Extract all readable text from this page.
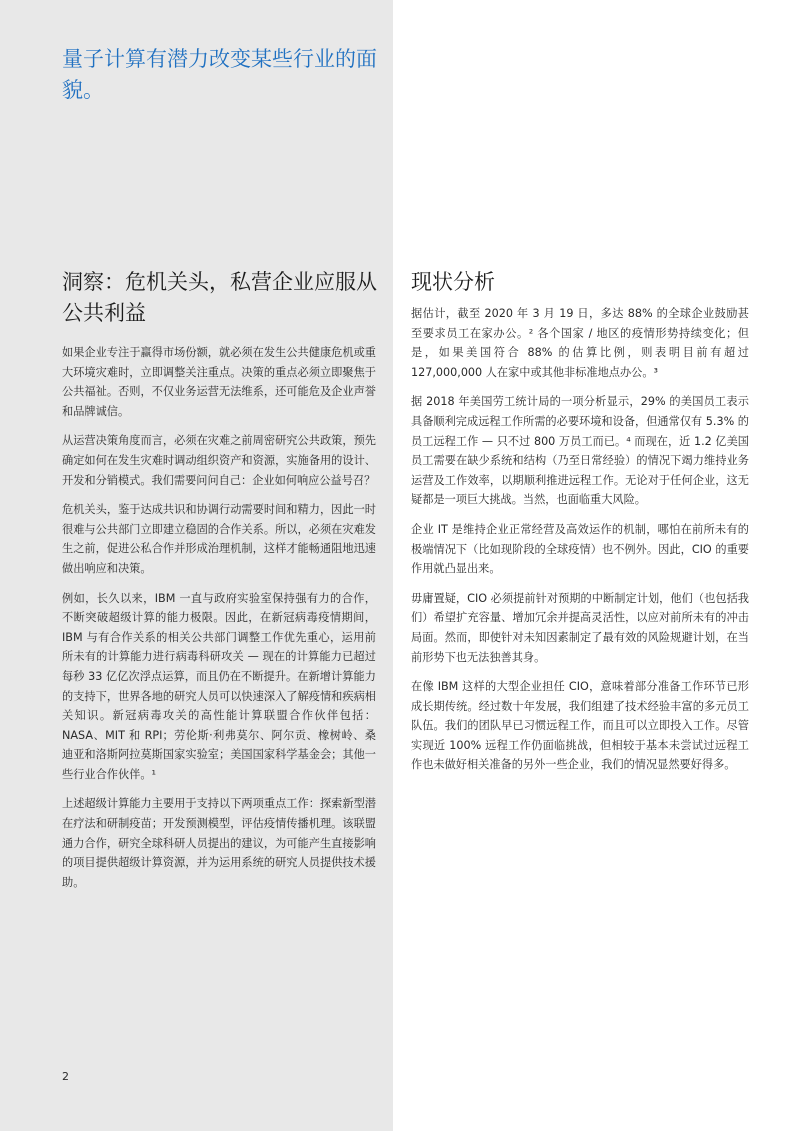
量子计算有潜力改变某些行业的面貌。
洞察：危机关头，私营企业应服从公共利益
现状分析

如果企业专注于赢得市场份额，就必须在发生公共健康危机或重大环境灾难时，立即调整关注重点。决策的重点必须立即聚焦于公共福祉。否则，不仅业务运营无法维系，还可能危及企业声誉和品牌诚信。

从运营决策角度而言，必须在灾难之前周密研究公共政策，预先确定如何在发生灾难时调动组织资产和资源，实施备用的设计、开发和分销模式。我们需要问问自己：企业如何响应公益号召？

危机关头，鉴于达成共识和协调行动需要时间和精力，因此一时很难与公共部门立即建立稳固的合作关系。所以，必须在灾难发生之前，促进公私合作并形成治理机制，这样才能畅通阻地迅速做出响应和决策。

例如，长久以来，IBM 一直与政府实验室保持强有力的合作，不断突破超级计算的能力极限。因此，在新冠病毒疫情期间，IBM 与有合作关系的相关公共部门调整工作优先重心，运用前所未有的计算能力进行病毒科研攻关 — 现在的计算能力已超过每秒 33 亿亿次浮点运算，而且仍在不断提升。在新增计算能力的支持下，世界各地的研究人员可以快速深入了解疫情和疾病相关知识。新冠病毒攻关的高性能计算联盟合作伙伴包括：NASA、MIT 和 RPI；劳伦斯·利弗莫尔、阿尔贡、橡树岭、桑迪亚和洛斯阿拉莫斯国家实验室；美国国家科学基金会；其他一些行业合作伙伴。¹

上述超级计算能力主要用于支持以下两项重点工作：探索新型潜在疗法和研制疫苗；开发预测模型，评估疫情传播机理。该联盟通力合作，研究全球科研人员提出的建议，为可能产生直接影响的项目提供超级计算资源，并为运用系统的研究人员提供技术援助。

据估计，截至 2020 年 3 月 19 日，多达 88% 的全球企业鼓励甚至要求员工在家办公。² 各个国家 / 地区的疫情形势持续变化；但是，如果美国符合 88% 的估算比例，则表明目前有超过 127,000,000 人在家中或其他非标准地点办公。³

据 2018 年美国劳工统计局的一项分析显示，29% 的美国员工表示具备顺利完成远程工作所需的必要环境和设备，但通常仅有 5.3% 的员工远程工作 — 只不过 800 万员工而已。⁴ 而现在，近 1.2 亿美国员工需要在缺少系统和结构（乃至日常经验）的情况下竭力维持业务运营及工作效率，以期顺利推进远程工作。无论对于任何企业，这无疑都是一项巨大挑战。当然，也面临重大风险。

企业 IT 是维持企业正常经营及高效运作的机制，哪怕在前所未有的极端情况下（比如现阶段的全球疫情）也不例外。因此，CIO 的重要作用就凸显出来。

毋庸置疑，CIO 必须提前针对预期的中断制定计划，他们（也包括我们）希望扩充容量、增加冗余并提高灵活性，以应对前所未有的冲击局面。然而，即使针对未知因素制定了最有效的风险规避计划，在当前形势下也无法独善其身。

在像 IBM 这样的大型企业担任 CIO，意味着部分准备工作环节已形成长期传统。经过数十年发展，我们组建了技术经验丰富的多元员工队伍。我们的团队早已习惯远程工作，而且可以立即投入工作。尽管实现近 100% 远程工作仍面临挑战，但相较于基本未尝试过远程工作也未做好相关准备的另外一些企业，我们的情况显然要好得多。

2
